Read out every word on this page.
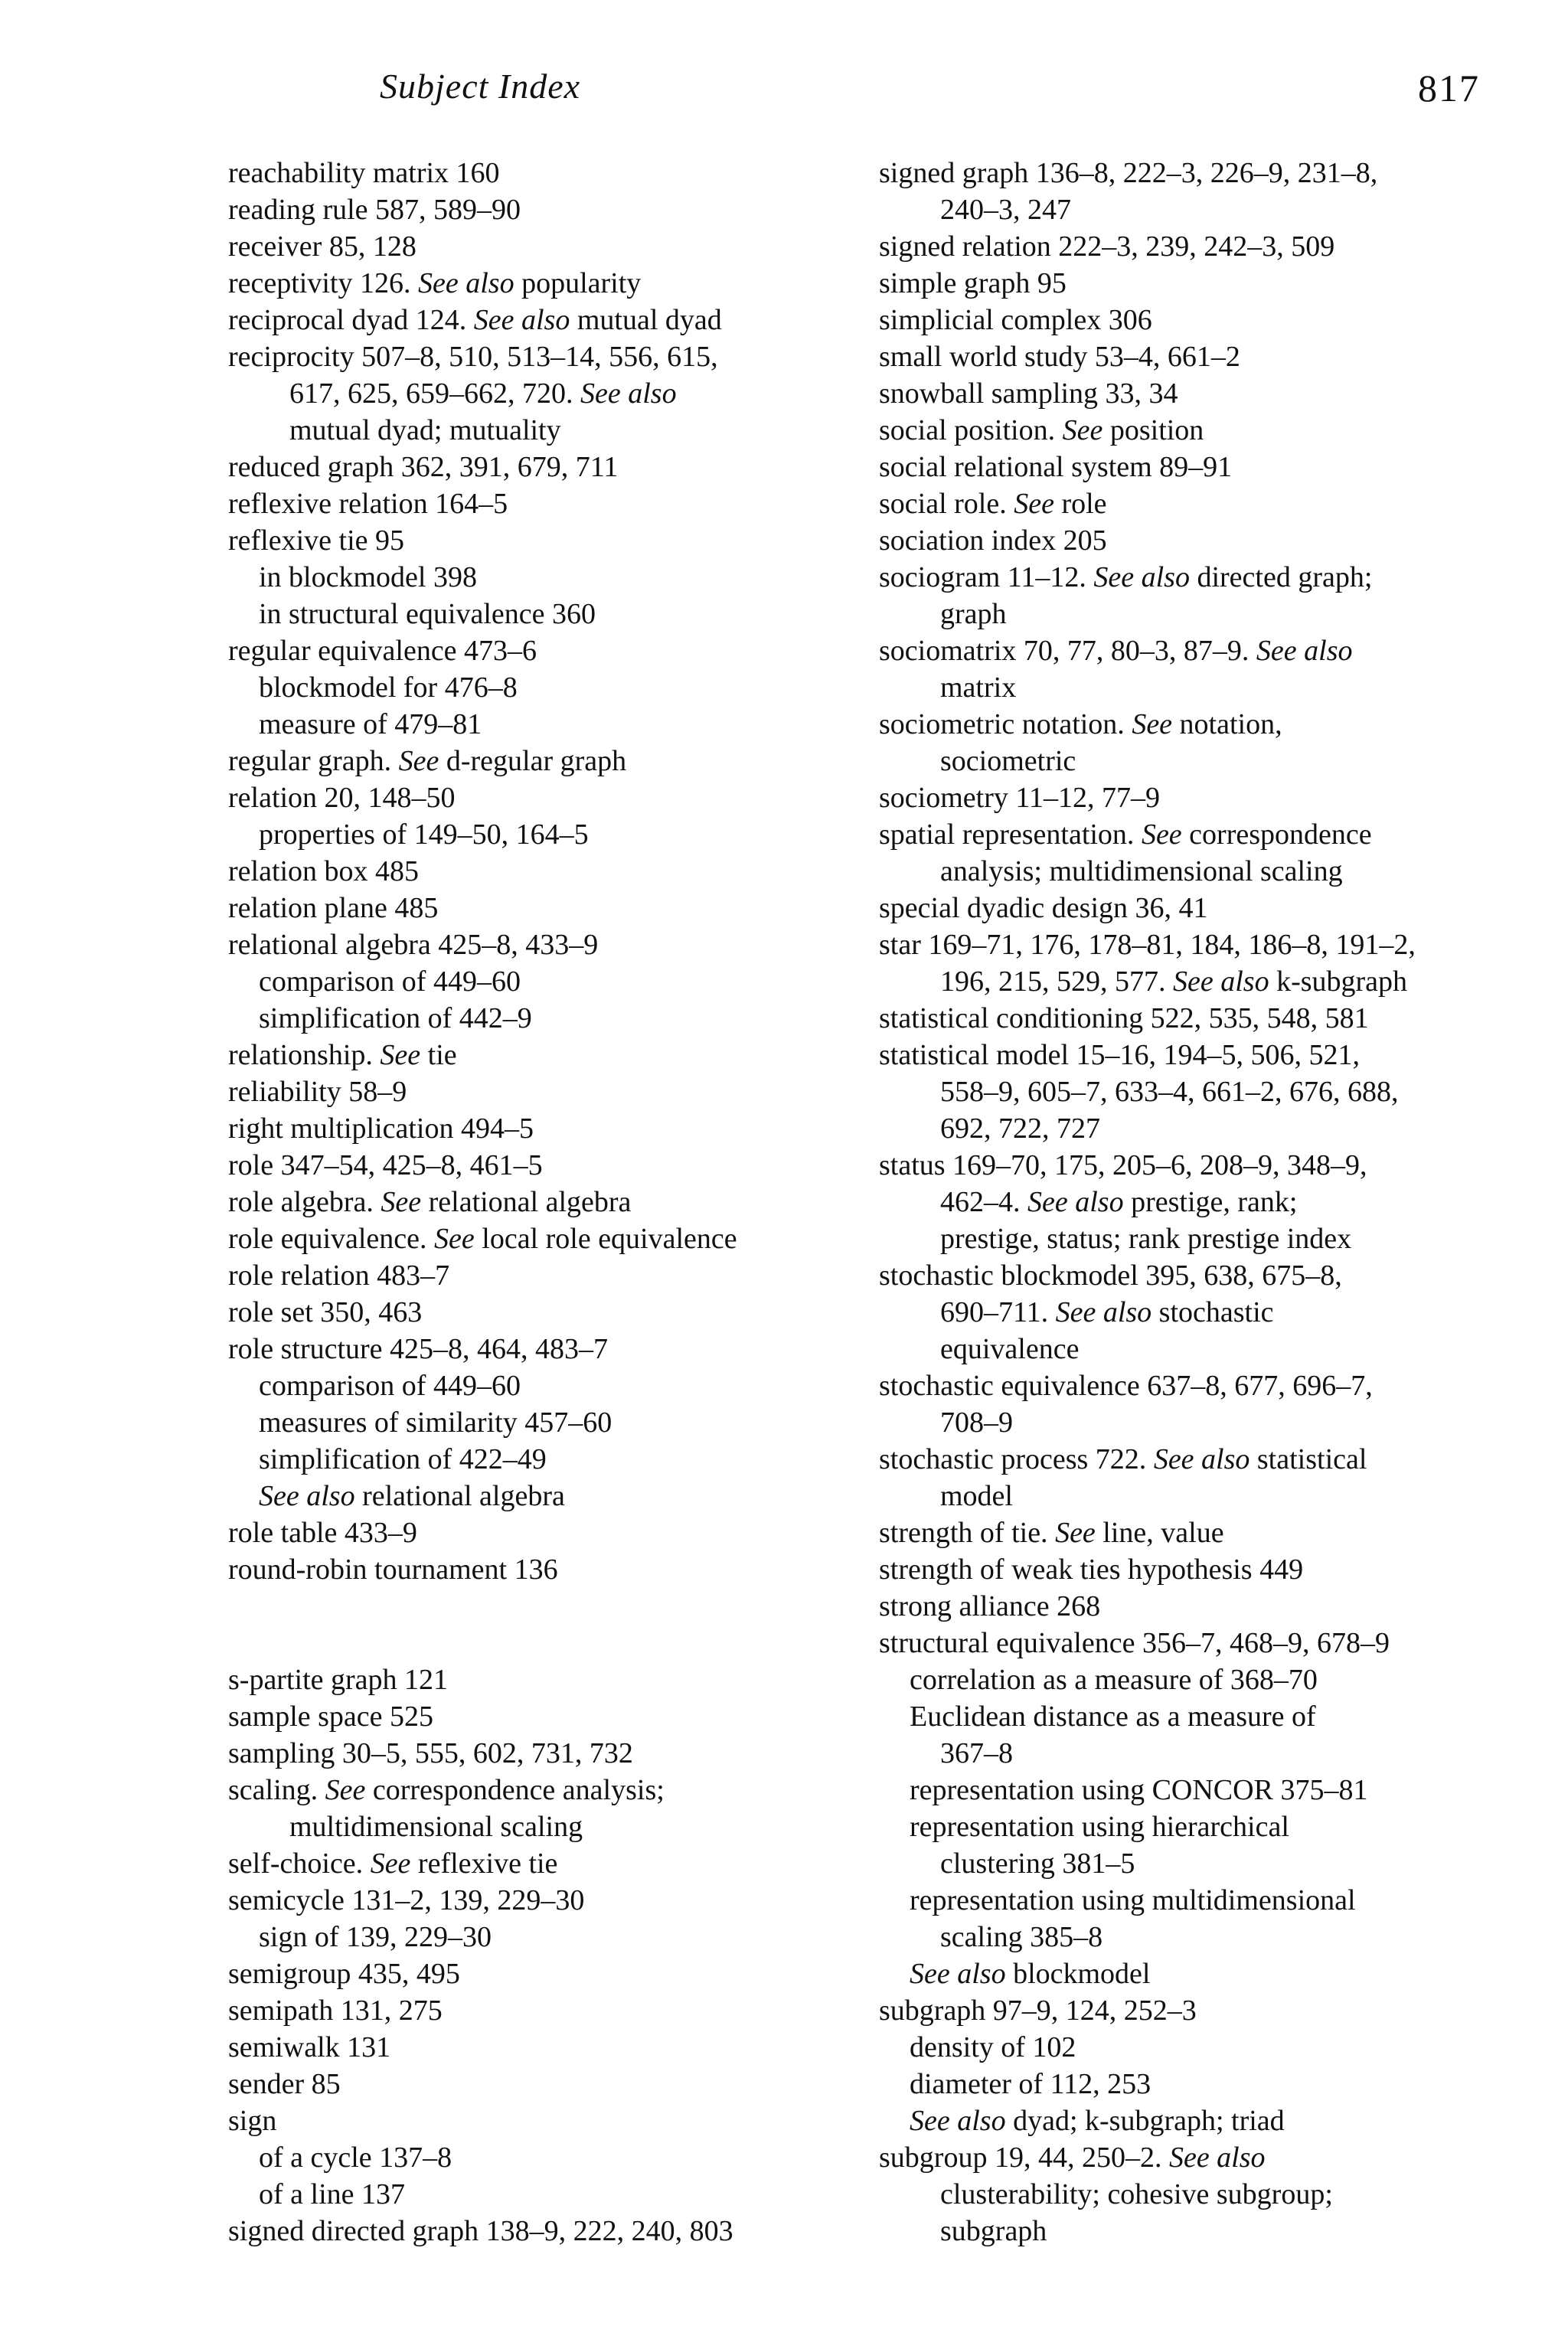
Subject Index	817
reachability matrix 160
reading rule 587, 589–90
receiver 85, 128
receptivity 126. See also popularity
reciprocal dyad 124. See also mutual dyad
reciprocity 507–8, 510, 513–14, 556, 615,
617, 625, 659–662, 720. See also
mutual dyad; mutuality
reduced graph 362, 391, 679, 711
reflexive relation 164–5
reflexive tie 95
in blockmodel 398
in structural equivalence 360
regular equivalence 473–6
blockmodel for 476–8
measure of 479–81
regular graph. See d-regular graph
relation 20, 148–50
properties of 149–50, 164–5
relation box 485
relation plane 485
relational algebra 425–8, 433–9
comparison of 449–60
simplification of 442–9
relationship. See tie
reliability 58–9
right multiplication 494–5
role 347–54, 425–8, 461–5
role algebra. See relational algebra
role equivalence. See local role equivalence
role relation 483–7
role set 350, 463
role structure 425–8, 464, 483–7
comparison of 449–60
measures of similarity 457–60
simplification of 422–49
See also relational algebra
role table 433–9
round-robin tournament 136
s-partite graph 121
sample space 525
sampling 30–5, 555, 602, 731, 732
scaling. See correspondence analysis;
multidimensional scaling
self-choice. See reflexive tie
semicycle 131–2, 139, 229–30
sign of 139, 229–30
semigroup 435, 495
semipath 131, 275
semiwalk 131
sender 85
sign
of a cycle 137–8
of a line 137
signed directed graph 138–9, 222, 240, 803
signed graph 136–8, 222–3, 226–9, 231–8,
240–3, 247
signed relation 222–3, 239, 242–3, 509
simple graph 95
simplicial complex 306
small world study 53–4, 661–2
snowball sampling 33, 34
social position. See position
social relational system 89–91
social role. See role
sociation index 205
sociogram 11–12. See also directed graph;
graph
sociomatrix 70, 77, 80–3, 87–9. See also
matrix
sociometric notation. See notation,
sociometric
sociometry 11–12, 77–9
spatial representation. See correspondence
analysis; multidimensional scaling
special dyadic design 36, 41
star 169–71, 176, 178–81, 184, 186–8, 191–2,
196, 215, 529, 577. See also k-subgraph
statistical conditioning 522, 535, 548, 581
statistical model 15–16, 194–5, 506, 521,
558–9, 605–7, 633–4, 661–2, 676, 688,
692, 722, 727
status 169–70, 175, 205–6, 208–9, 348–9,
462–4. See also prestige, rank;
prestige, status; rank prestige index
stochastic blockmodel 395, 638, 675–8,
690–711. See also stochastic
equivalence
stochastic equivalence 637–8, 677, 696–7,
708–9
stochastic process 722. See also statistical
model
strength of tie. See line, value
strength of weak ties hypothesis 449
strong alliance 268
structural equivalence 356–7, 468–9, 678–9
correlation as a measure of 368–70
Euclidean distance as a measure of
367–8
representation using CONCOR 375–81
representation using hierarchical
clustering 381–5
representation using multidimensional
scaling 385–8
See also blockmodel
subgraph 97–9, 124, 252–3
density of 102
diameter of 112, 253
See also dyad; k-subgraph; triad
subgroup 19, 44, 250–2. See also
clusterability; cohesive subgroup;
subgraph
